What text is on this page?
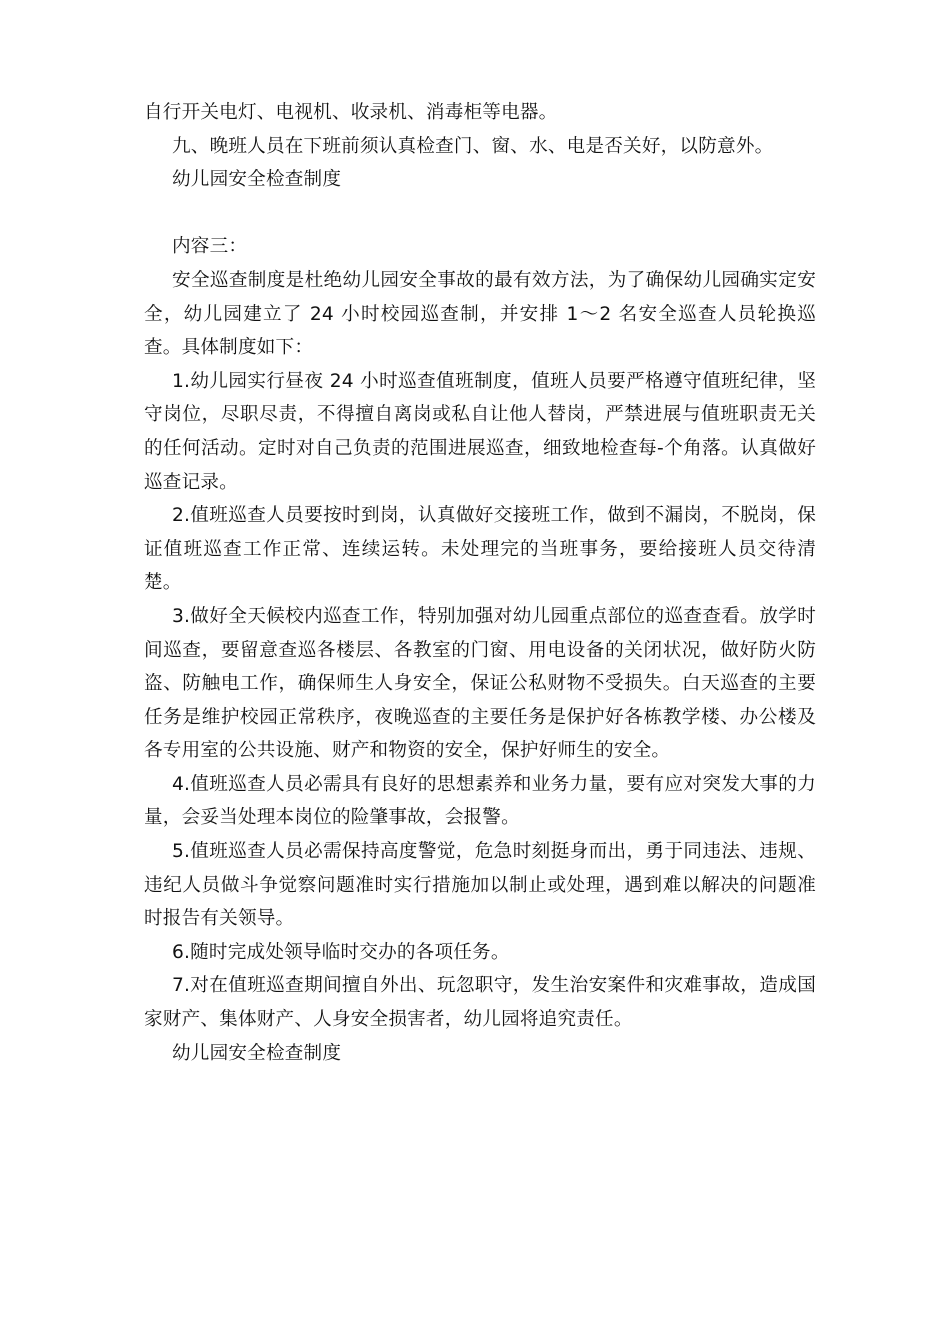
自行开关电灯、电视机、收录机、消毒柜等电器。

九、晚班人员在下班前须认真检查门、窗、水、电是否关好，以防意外。

幼儿园安全检查制度

内容三：

安全巡查制度是杜绝幼儿园安全事故的最有效方法，为了确保幼儿园确实定安全，幼儿园建立了 24 小时校园巡查制，并安排 1～2 名安全巡查人员轮换巡查。具体制度如下：

1.幼儿园实行昼夜 24 小时巡查值班制度，值班人员要严格遵守值班纪律，坚守岗位，尽职尽责，不得擅自离岗或私自让他人替岗，严禁进展与值班职责无关的任何活动。定时对自己负责的范围进展巡查，细致地检查每-个角落。认真做好巡查记录。

2.值班巡查人员要按时到岗，认真做好交接班工作，做到不漏岗，不脱岗，保证值班巡查工作正常、连续运转。未处理完的当班事务，要给接班人员交待清楚。

3.做好全天候校内巡查工作，特别加强对幼儿园重点部位的巡查查看。放学时间巡查，要留意查巡各楼层、各教室的门窗、用电设备的关闭状况，做好防火防盗、防触电工作，确保师生人身安全，保证公私财物不受损失。白天巡查的主要任务是维护校园正常秩序，夜晚巡查的主要任务是保护好各栋教学楼、办公楼及各专用室的公共设施、财产和物资的安全，保护好师生的安全。

4.值班巡查人员必需具有良好的思想素养和业务力量，要有应对突发大事的力量，会妥当处理本岗位的险肇事故，会报警。

5.值班巡查人员必需保持高度警觉，危急时刻挺身而出，勇于同违法、违规、违纪人员做斗争觉察问题准时实行措施加以制止或处理，遇到难以解决的问题准时报告有关领导。

6.随时完成处领导临时交办的各项任务。

7.对在值班巡查期间擅自外出、玩忽职守，发生治安案件和灾难事故，造成国家财产、集体财产、人身安全损害者，幼儿园将追究责任。

幼儿园安全检查制度
